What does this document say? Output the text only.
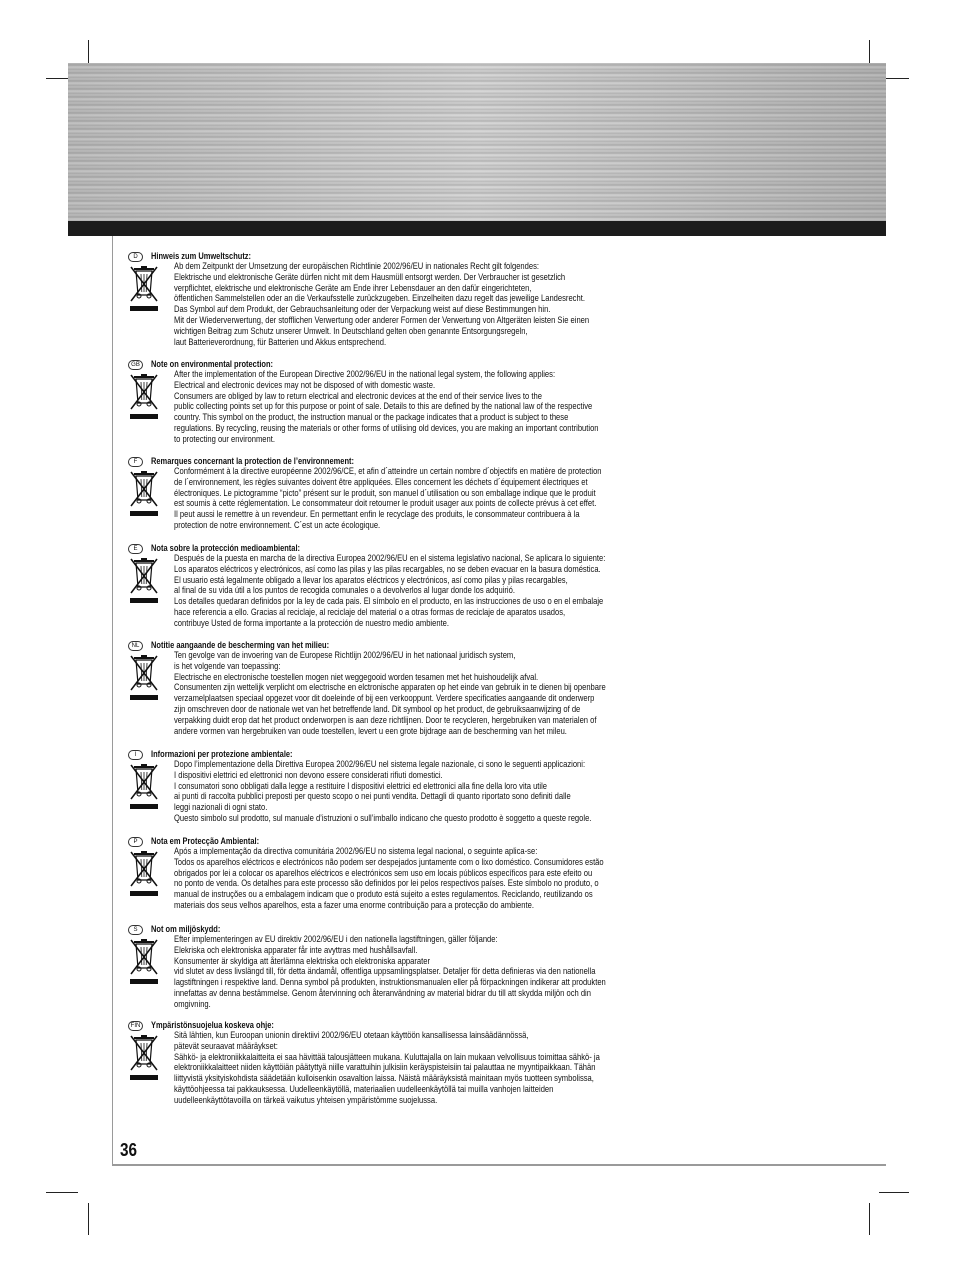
36
D	Hinweis zum Umweltschutz:
Ab dem Zeitpunkt der Umsetzung der europäischen Richtlinie 2002/96/EU in nationales Recht gilt folgendes:
Elektrische und elektronische Geräte dürfen nicht mit dem Hausmüll entsorgt werden. Der Verbraucher ist gesetzlich
verpflichtet, elektrische und elektronische Geräte am Ende ihrer Lebensdauer an den dafür eingerichteten,
öffentlichen Sammelstellen oder an die Verkaufsstelle zurückzugeben. Einzelheiten dazu regelt das jeweilige Landesrecht.
Das Symbol auf dem Produkt, der Gebrauchsanleitung oder der Verpackung weist auf diese Bestimmungen hin.
Mit der Wiederverwertung, der stofflichen Verwertung oder anderer Formen der Verwertung von Altgeräten leisten Sie einen
wichtigen Beitrag zum Schutz unserer Umwelt. In Deutschland gelten oben genannte Entsorgungsregeln,
laut Batterieverordnung, für Batterien und Akkus entsprechend.
GB	Note on environmental protection:
After the implementation of the European Directive 2002/96/EU in the national legal system, the following applies:
Electrical and electronic devices may not be disposed of with domestic waste.
Consumers are obliged by law to return electrical and electronic devices at the end of their service lives to the
public collecting points set up for this purpose or point of sale. Details to this are defined by the national law of the respective
country. This symbol on the product, the instruction manual or the package indicates that a product is subject to these
regulations. By recycling, reusing the materials or other forms of utilising old devices, you are making an important contribution
to protecting our environment.
F	Remarques concernant la protection de l’environnement:
Conformément à la directive européenne 2002/96/CE, et afin d´atteindre un certain nombre d´objectifs en matière de protection
de l´environnement, les règles suivantes doivent être appliquées. Elles concernent les déchets d´équipement électriques et
électroniques. Le pictogramme “picto” présent sur le produit, son manuel d´utilisation ou son emballage indique que le produit
est soumis à cette réglementation. Le consommateur doit retourner le produit usager aux points de collecte prévus à cet effet.
Il peut aussi le remettre à un revendeur. En permettant enfin le recyclage des produits, le consommateur contribuera à la
protection de notre environnement. C´est un acte écologique.
E	Nota sobre la protección medioambiental:
Después de la puesta en marcha de la directiva Europea 2002/96/EU en el sistema legislativo nacional, Se aplicara lo siguiente:
Los aparatos eléctricos y electrónicos, así como las pilas y las pilas recargables, no se deben evacuar en la basura doméstica.
El usuario está legalmente obligado a llevar los aparatos eléctricos y electrónicos, así como pilas y pilas recargables,
al final de su vida útil a los puntos de recogida comunales o a devolverlos al lugar donde los adquirió.
Los detalles quedaran definidos por la ley de cada pais. El símbolo en el producto, en las instrucciones de uso o en el embalaje
hace referencia a ello. Gracias al reciclaje, al reciclaje del material o a otras formas de reciclaje de aparatos usados,
contribuye Usted de forma importante a la protección de nuestro medio ambiente.
NL	Notitie aangaande de bescherming van het milieu:
Ten gevolge van de invoering van de Europese Richtlijn 2002/96/EU in het nationaal juridisch system,
is het volgende van toepassing:
Electrische en electronische toestellen mogen niet weggegooid worden tesamen met het huishoudelijk afval.
Consumenten zijn wettelijk verplicht om electrische en elctronische apparaten op het einde van gebruik in te dienen bij openbare
verzamelplaatsen speciaal opgezet voor dit doeleinde of bij een verkooppunt. Verdere specificaties aangaande dit onderwerp
zijn omschreven door de nationale wet van het betreffende land. Dit symbool op het product, de gebruiksaanwijzing of de
verpakking duidt erop dat het product onderworpen is aan deze richtlijnen. Door te recycleren, hergebruiken van materialen of
andere vormen van hergebruiken van oude toestellen, levert u een grote bijdrage aan de bescherming van het mileu.
I	Informazioni per protezione ambientale:
Dopo l’implementazione della Direttiva Europea 2002/96/EU nel sistema legale nazionale, ci sono le seguenti applicazioni:
I dispositivi elettrici ed elettronici non devono essere considerati rifiuti domestici.
I consumatori sono obbligati dalla legge a restituire I dispositivi elettrici ed elettronici alla fine della loro vita utile
ai punti di raccolta pubblici preposti per questo scopo o nei punti vendita. Dettagli di quanto riportato sono definiti dalle
leggi nazionali di ogni stato.
Questo simbolo sul prodotto, sul manuale d’istruzioni o sull’imballo indicano che questo prodotto è soggetto a queste regole.
P	Nota em Protecção Ambiental:
Após a implementação da directiva comunitária 2002/96/EU no sistema legal nacional, o seguinte aplica-se:
Todos os aparelhos eléctricos e electrónicos não podem ser despejados juntamente com o lixo doméstico. Consumidores estão
obrigados por lei a colocar os aparelhos eléctricos e electrónicos sem uso em locais públicos específicos para este efeito ou
no ponto de venda. Os detalhes para este processo são definidos por lei pelos respectivos países. Este símbolo no produto, o
manual de instruções ou a embalagem indicam que o produto está sujeito a estes regulamentos. Reciclando, reutilizando os
materiais dos seus velhos aparelhos, esta a fazer uma enorme contribuição para a protecção do ambiente.
S	Not om miljöskydd:
Efter implementeringen av EU direktiv 2002/96/EU i den nationella lagstiftningen, gäller följande:
Elekriska och elektroniska apparater får inte avyttras med hushållsavfall.
Konsumenter är skyldiga att återlämna elektriska och elektroniska apparater
vid slutet av dess livslängd till, för detta ändamål, offentliga uppsamlingsplatser. Detaljer för detta definieras via den nationella
lagstiftningen i respektive land. Denna symbol på produkten, instruktionsmanualen eller på förpackningen indikerar att produkten
innefattas av denna bestämmelse. Genom återvinning och återanvändning av material bidrar du till att skydda miljön och din
omgivning.
FIN Ympäristönsuojelua koskeva ohje:
Sitä lähtien, kun Euroopan unionin direktiivi 2002/96/EU otetaan käyttöön kansallisessa lainsäädännössä,
pätevät seuraavat määräykset:
Sähkö- ja elektroniikkalaitteita ei saa hävittää talousjätteen mukana. Kuluttajalla on lain mukaan velvollisuus toimittaa sähkö- ja
elektroniikkalaitteet niiden käyttöiän päätyttyä niille varattuihin julkisiin keräyspisteisiin tai palauttaa ne myyntipaikkaan. Tähän
liittyvistä yksityiskohdista säädetään kulloisenkin osavaltion laissa. Näistä määräyksistä mainitaan myös tuotteen symbolissa,
käyttöohjeessa tai pakkauksessa. Uudelleenkäytöllä, materiaalien uudelleenkäytöllä tai muilla vanhojen laitteiden
uudelleenkäyttötavoilla on tärkeä vaikutus yhteisen ympäristömme suojelussa.
